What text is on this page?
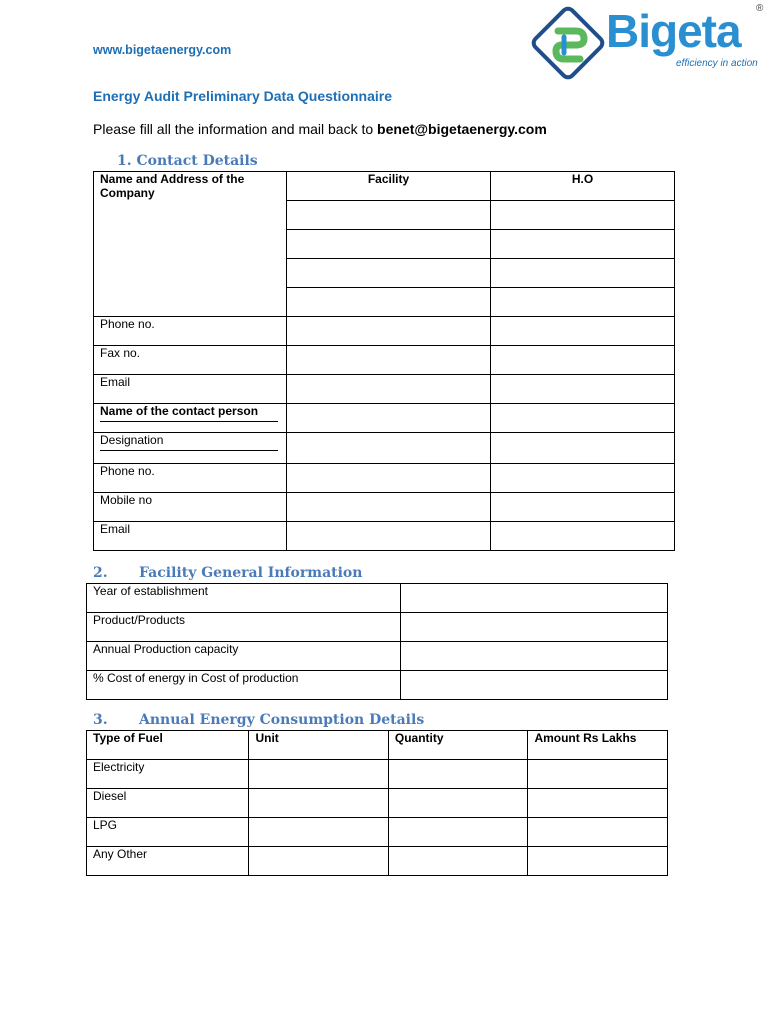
www.bigetaenergy.com	Bigeta ®
efficiency in action
Energy Audit Preliminary Data Questionnaire
Please fill all the information and mail back to benet@bigetaenergy.com
1. Contact Details
Name and Address of the Company	Facility	H.O

Phone no.		
Fax no.		
Email		

Name of the contact person		

Designation		

Phone no.		
Mobile no		
Email		
2. Facility General Information
Year of establishment	
Product/Products	
Annual Production capacity	
% Cost of energy in Cost of production	
3. Annual Energy Consumption Details
Type of Fuel	Unit	Quantity	Amount Rs Lakhs
Electricity			
Diesel			
LPG			
Any Other			
